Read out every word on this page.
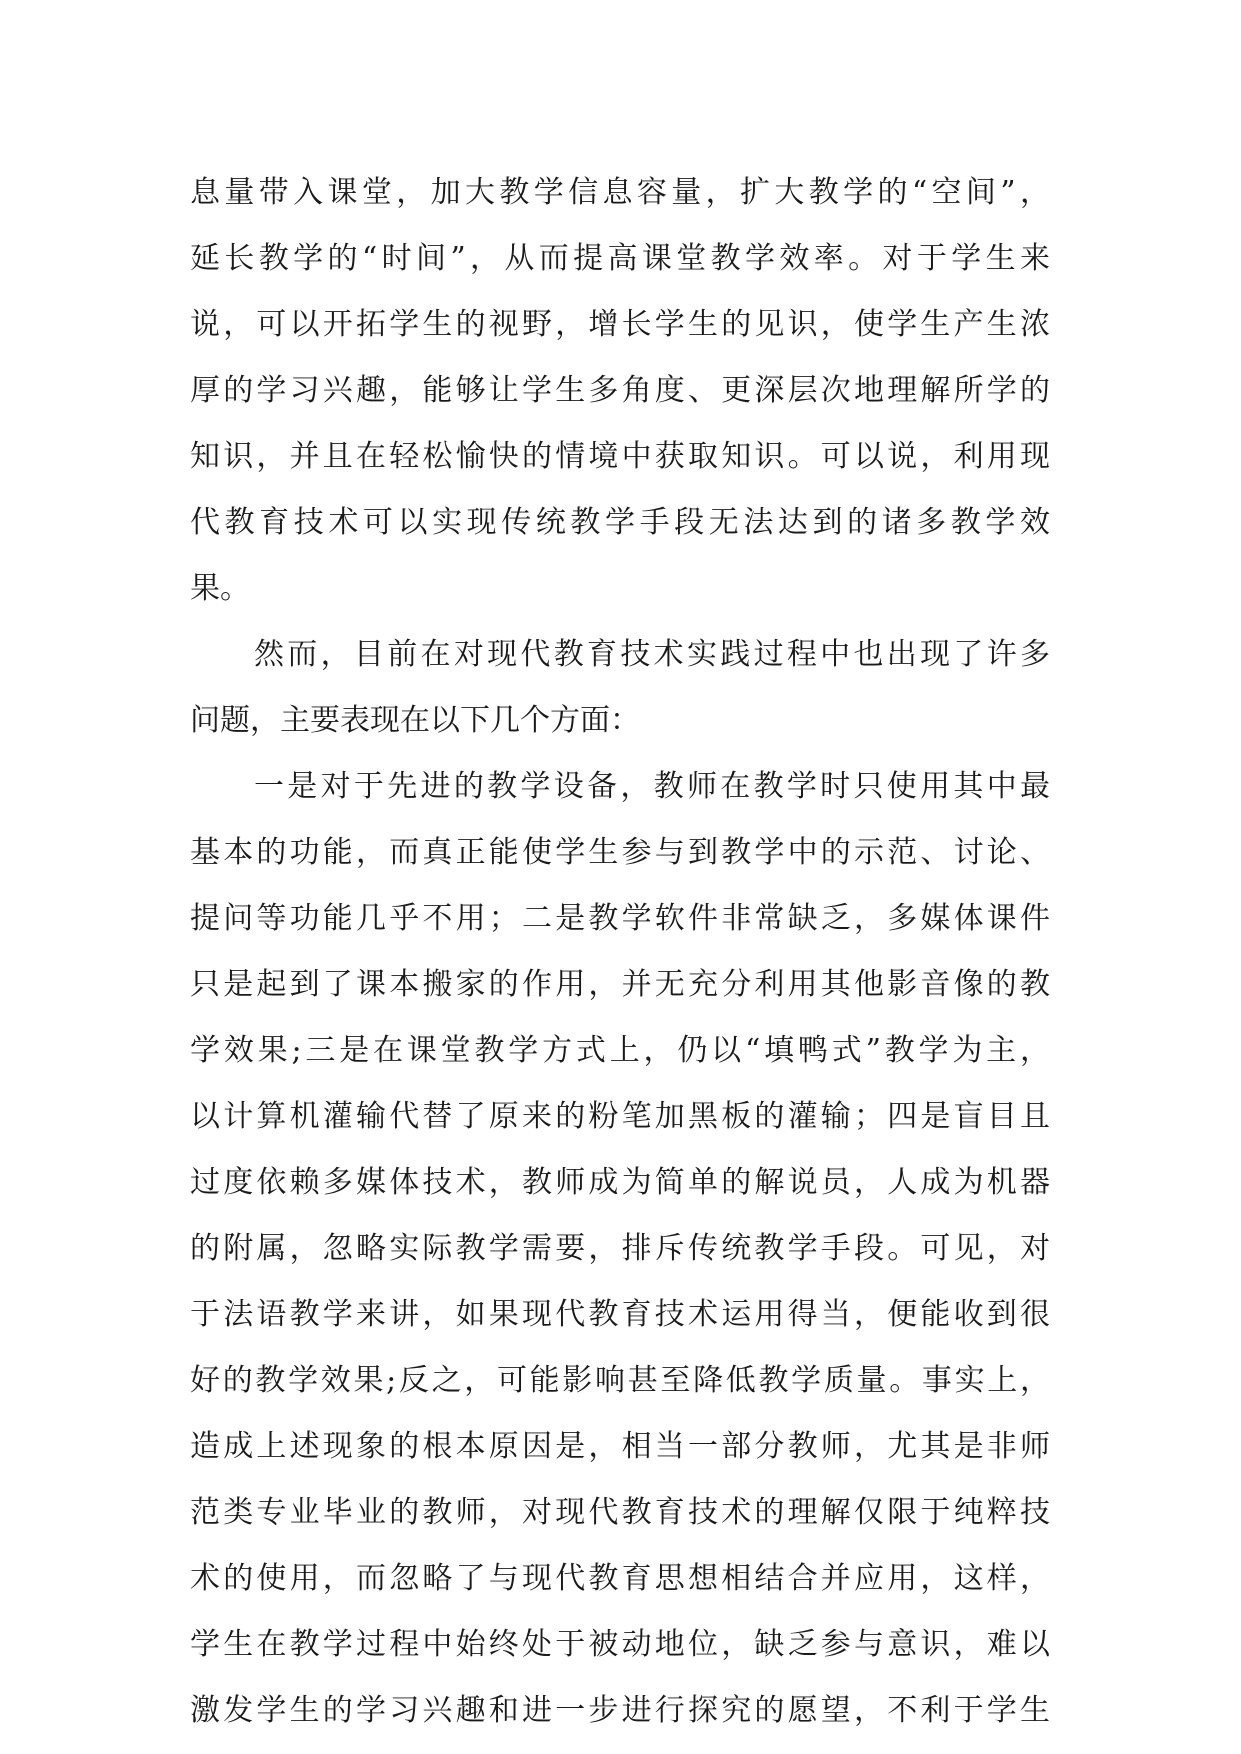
息量带入课堂，加大教学信息容量，扩大教学的“空间”，
延长教学的“时间”，从而提高课堂教学效率。对于学生来
说，可以开拓学生的视野，增长学生的见识，使学生产生浓
厚的学习兴趣，能够让学生多角度、更深层次地理解所学的
知识，并且在轻松愉快的情境中获取知识。可以说，利用现
代教育技术可以实现传统教学手段无法达到的诸多教学效
果。
然而，目前在对现代教育技术实践过程中也出现了许多
问题，主要表现在以下几个方面：
一是对于先进的教学设备，教师在教学时只使用其中最
基本的功能，而真正能使学生参与到教学中的示范、讨论、
提问等功能几乎不用；二是教学软件非常缺乏，多媒体课件
只是起到了课本搬家的作用，并无充分利用其他影音像的教
学效果;三是在课堂教学方式上，仍以“填鸭式”教学为主，
以计算机灌输代替了原来的粉笔加黑板的灌输；四是盲目且
过度依赖多媒体技术，教师成为简单的解说员，人成为机器
的附属，忽略实际教学需要，排斥传统教学手段。可见，对
于法语教学来讲，如果现代教育技术运用得当，便能收到很
好的教学效果;反之，可能影响甚至降低教学质量。事实上，
造成上述现象的根本原因是，相当一部分教师，尤其是非师
范类专业毕业的教师，对现代教育技术的理解仅限于纯粹技
术的使用，而忽略了与现代教育思想相结合并应用，这样，
学生在教学过程中始终处于被动地位，缺乏参与意识，难以
激发学生的学习兴趣和进一步进行探究的愿望，不利于学生
